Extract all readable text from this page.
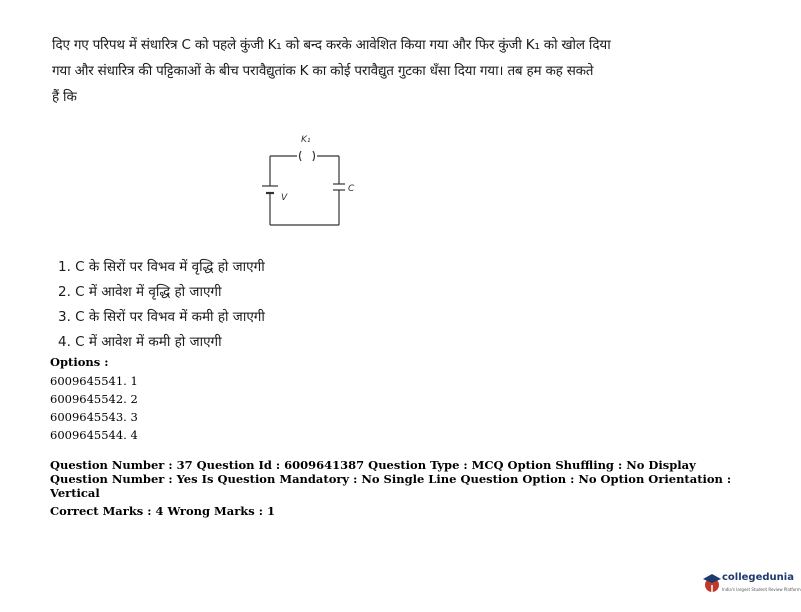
दिए गए परिपथ में संधारित्र C को पहले कुंजी K₁ को बन्द करके आवेशित किया गया और फिर कुंजी K₁ को खोल दिया
गया और संधारित्र की पट्टिकाओं के बीच परावैद्युतांक K का कोई परावैद्युत गुटका धँसा दिया गया। तब हम कह सकते
हैं कि
K₁
V
C
1. C के सिरों पर विभव में वृद्धि हो जाएगी
2. C में आवेश में वृद्धि हो जाएगी
3. C के सिरों पर विभव में कमी हो जाएगी
4. C में आवेश में कमी हो जाएगी
Options :
6009645541. 1
6009645542. 2
6009645543. 3
6009645544. 4
Question Number : 37 Question Id : 6009641387 Question Type : MCQ Option Shuffling : No Display Question Number : Yes Is Question Mandatory : No Single Line Question Option : No Option Orientation : Vertical
Correct Marks : 4 Wrong Marks : 1
collegedunia
India's largest Student Review Platform
